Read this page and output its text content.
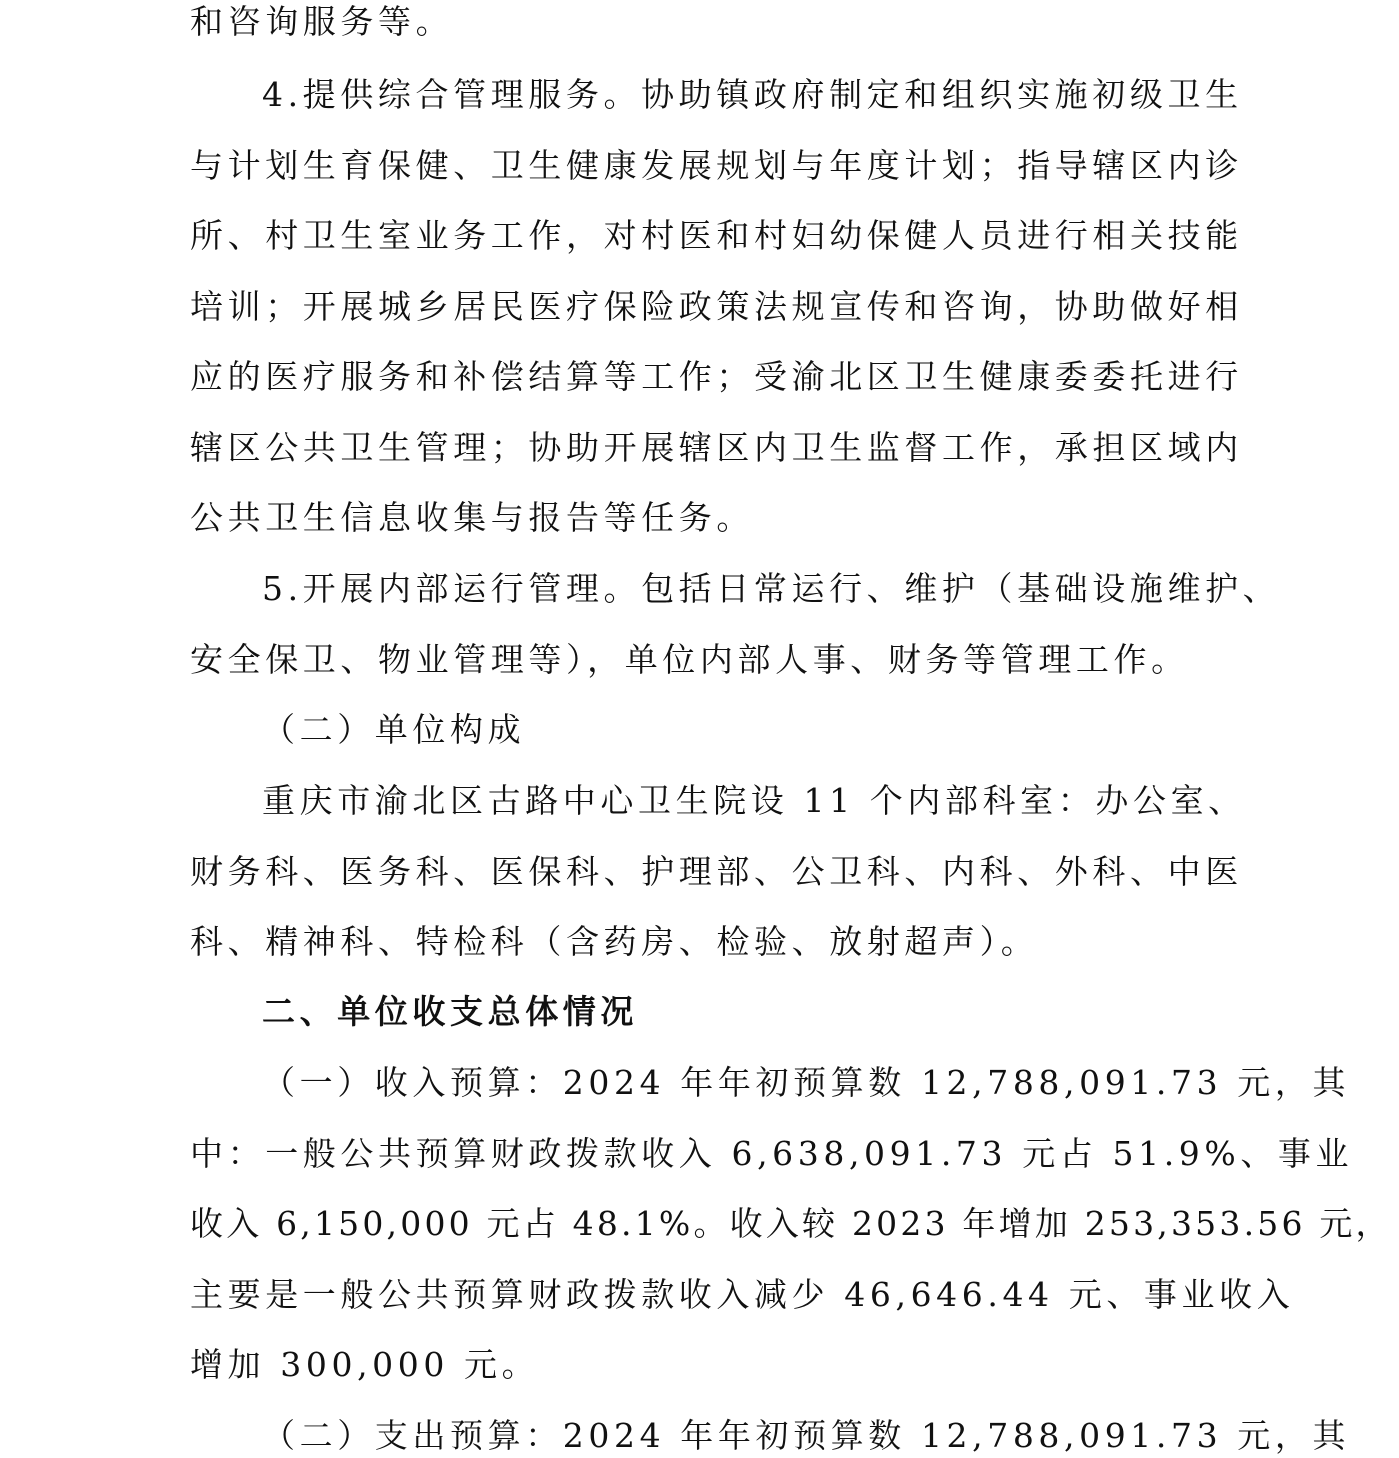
和咨询服务等。
4.提供综合管理服务。协助镇政府制定和组织实施初级卫生
与计划生育保健、卫生健康发展规划与年度计划；指导辖区内诊
所、村卫生室业务工作，对村医和村妇幼保健人员进行相关技能
培训；开展城乡居民医疗保险政策法规宣传和咨询，协助做好相
应的医疗服务和补偿结算等工作；受渝北区卫生健康委委托进行
辖区公共卫生管理；协助开展辖区内卫生监督工作，承担区域内
公共卫生信息收集与报告等任务。
5.开展内部运行管理。包括日常运行、维护（基础设施维护、
安全保卫、物业管理等），单位内部人事、财务等管理工作。
（二）单位构成
重庆市渝北区古路中心卫生院设 11 个内部科室：办公室、
财务科、医务科、医保科、护理部、公卫科、内科、外科、中医
科、精神科、特检科（含药房、检验、放射超声）。
二、单位收支总体情况
（一）收入预算：2024 年年初预算数 12,788,091.73 元，其
中：一般公共预算财政拨款收入 6,638,091.73 元占 51.9%、事业
收入 6,150,000 元占 48.1%。收入较 2023 年增加 253,353.56 元，
主要是一般公共预算财政拨款收入减少 46,646.44 元、事业收入
增加 300,000 元。
（二）支出预算：2024 年年初预算数 12,788,091.73 元，其
